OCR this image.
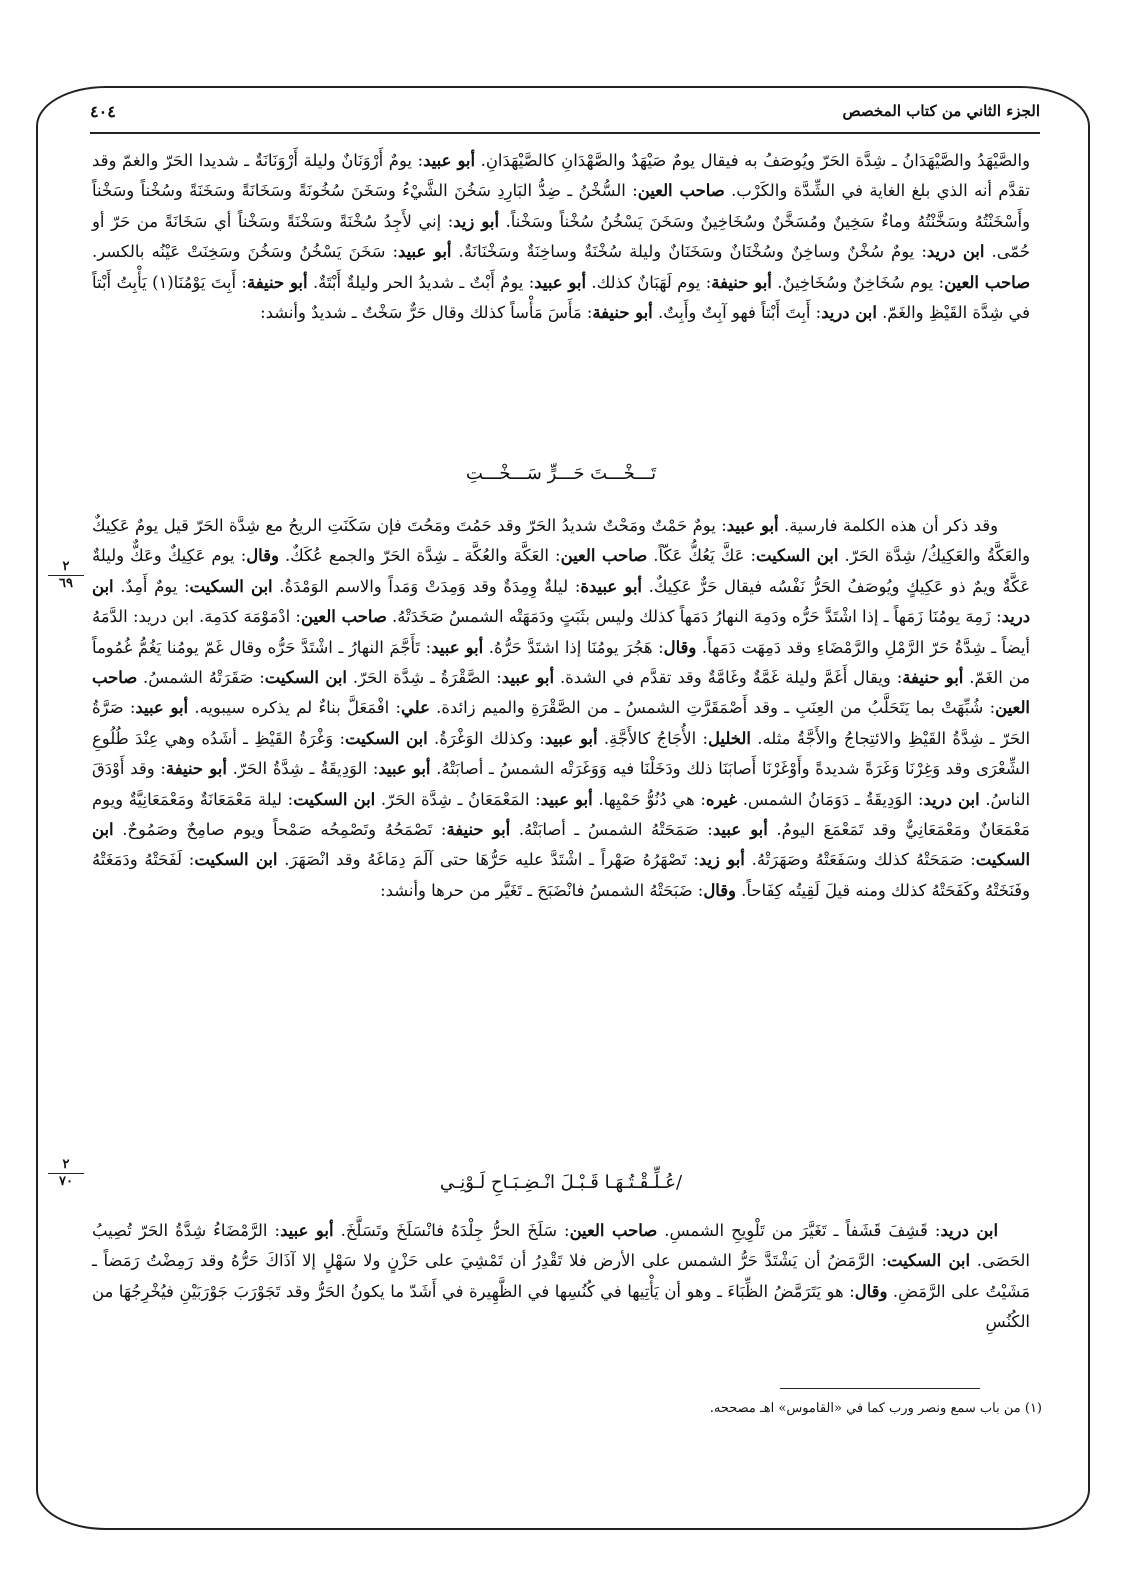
الجزء الثاني من كتاب المخصص
٤٠٤

والصَّيْهَدُ والصَّيْهَدَانُ ـ شِدَّة الحَرّ ويُوصَفُ به فيقال يومٌ صَيْهَدٌ والصَّهْدَانِ كالصَّيْهَدَانِ. أبو عبيد: يومٌ أَرْوَنَانٌ وليلة أَرْوَنَانَةٌ ـ شديدا الحَرّ والغمّ وقد تقدَّم أنه الذي بلغ الغاية في الشِّدَّة والكَرْب. صاحب العين: السُّخْنُ ـ ضِدُّ البَارِدِ سَخُنَ الشَّيْءُ وسَخَنَ سُخُونَةً وسَخَانَةً وسَخَنَةً وسُخْناً وسَخْناً وأَسْخَنْتُهُ وسَخَّنْتُهُ وماءٌ سَخِينٌ ومُسَخَّنٌ وسُخَاخِينٌ وسَخَنَ يَسْخُنُ سُخْناً وسَخْناً. أبو زيد: إني لأَجِدُ سُخْنَةً وسَخْنَةً وسَخْناً أي سَخَانَةً من حَرّ أو حُمّى. ابن دريد: يومٌ سُخْنٌ وساخِنٌ وسُخْنَانٌ وسَخَنَانٌ وليلة سُخْنَةٌ وساخِنَةٌ وسَخْنَانَةٌ. أبو عبيد: سَخَنَ يَسْخُنُ وسَخُنَ وسَخِنَتْ عَيْنُه بالكسر. صاحب العين: يوم سُخَاخِنٌ وسُخَاخِينٌ. أبو حنيفة: يوم لَهَبَانٌ كذلك. أبو عبيد: يومٌ أَبْتٌ ـ شديدُ الحر وليلةٌ أَبْتَةٌ. أبو حنيفة: أَبِتَ يَوْمُنَا(١) يَأْبِتُ أَبْتاً في شِدَّة القَيْظِ والغَمّ. ابن دريد: أَبِتَ أَبْتاً فهو آبِتٌ وأَبِتٌ. أبو حنيفة: مَأَسَ مَأْساً كذلك وقال حَرٌّ سَخْتٌ ـ شديدٌ وأنشد:

تَـــخْـــتَ حَـــرٍّ سَـــخْـــتِ

وقد ذكر أن هذه الكلمة فارسية. أبو عبيد: يومٌ حَمْتٌ ومَحْتٌ شديدُ الحَرّ وقد حَمُتَ ومَحُتَ فإن سَكَنَتِ الريحُ مع شِدَّة الحَرّ قيل يومٌ عَكِيكٌ والعَكَّةُ والعَكِيكُ/ شِدَّة الحَرّ. ابن السكيت: عَكَّ يَعُكُّ عَكّاً. صاحب العين: العَكَّة والعُكَّة ـ شِدَّة الحَرّ والجمع عُكَكٌ. وقال: يوم عَكِيكٌ وعَكٌّ وليلةٌ عَكَّةٌ ويمٌ ذو عَكِيكٍ ويُوصَفُ الحَرُّ نَفْسُه فيقال حَرٌّ عَكِيكٌ. أبو عبيدة: ليلةٌ وِمِدَةٌ وقد وَمِدَتْ وَمَداً والاسم الوَمْدَةُ. ابن السكيت: يومٌ أَمِدٌ. ابن دريد: زَمِهَ يومُنَا زَمَهاً ـ إذا اشْتَدَّ حَرُّه ودَمِهَ النهارُ دَمَهاً كذلك وليس بثَبَتٍ ودَمَهَتْه الشمسُ صَخَدَتْهُ. صاحب العين: ادْمَوْمَهَ كدَمِهَ. ابن دريد: الدَّمَهُ أيضاً ـ شِدَّةُ حَرّ الرَّمْلِ والرَّمْضَاءِ وقد دَمِهَت دَمَهاً. وقال: هَجُرَ يومُنَا إذا اشتَدَّ حَرُّهُ. أبو عبيد: تَأَجَّمَ النهارُ ـ اشْتَدَّ حَرُّه وقال غَمّ يومُنا يَغُمُّ غُمُوماً من الغَمّ. أبو حنيفة: ويقال أَغَمَّ وليلة غَمَّةٌ وغَامَّةٌ وقد تقدَّم في الشدة. أبو عبيد: الصَّقْرَةُ ـ شِدَّة الحَرّ. ابن السكيت: صَقَرَتْهُ الشمسُ. صاحب العين: شُبِّهَتْ بما يَتَحَلَّبُ من العِنَبِ ـ وقد أَصْمَقَرَّتِ الشمسُ ـ من الصَّقْرَةِ والميم زائدة. علي: افْمَعَلَّ بناءٌ لم يذكره سيبويه. أبو عبيد: صَرَّةُ الحَرّ ـ شِدَّةُ القَيْظِ والائتِجاجُ والأَجَّةُ مثله. الخليل: الأُجَاجُ كالأَجَّةِ. أبو عبيد: وكذلك الوَغْرَةُ. ابن السكيت: وَغْرَةُ القَيْظِ ـ أشَدُه وهي عِنْدَ طُلُوعِ الشِّعْرَى وقد وَغِرْنَا وَغَرَةً شديدةً وأَوْغَرْنَا أَصابَنَا ذلك ودَخَلْنَا فيه وَوَغَرَتْه الشمسُ ـ أصابَتْهُ. أبو عبيد: الوَدِيقَةُ ـ شِدَّةُ الحَرّ. أبو حنيفة: وقد أَوْدَقَ الناسُ. ابن دريد: الوَدِيقَةُ ـ دَوَمَانُ الشمس. غيره: هي دُنُوُّ حَمْيِها. أبو عبيد: المَعْمَعَانُ ـ شِدَّة الحَرّ. ابن السكيت: ليلة مَعْمَعَانَةٌ ومَعْمَعَانِيَّةٌ ويوم مَعْمَعَانٌ ومَعْمَعَانِيٌّ وقد تَمَعْمَعَ اليومُ. أبو عبيد: صَمَحَتْهُ الشمسُ ـ أصابَتْهُ. أبو حنيفة: تَصْمَحُهُ وتَصْمِحُه صَمْحاً ويوم صامِحٌ وصَمُوحٌ. ابن السكيت: صَمَحَتْهُ كذلك وسَفَعَتْهُ وصَهَرَتْهُ. أبو زيد: تَصْهَرُهُ صَهْراً ـ اشْتَدَّ عليه حَرُّهَا حتى آلَمَ دِمَاغَهُ وقد انْصَهَرَ. ابن السكيت: لَفَحَتْهُ ودَمَغَتْهُ وفَنَخَتْهُ وكَفَحَتْهُ كذلك ومنه قيلَ لَقِيتُه كِفَاحاً. وقال: ضَبَحَتْهُ الشمسُ فانْضَبَحَ ـ تَغَيَّر من حرها وأنشد:

/عُـلِّـقْـتُـهَـا قَـبْـلَ انْـضِـبَـاحِ لَـوْنِـي

ابن دريد: قَشِفَ قَشَفاً ـ تَغَيَّرَ من تَلْوِيحِ الشمسِ. صاحب العين: سَلَخَ الحرُّ جِلْدَهُ فانْسَلَخَ وتَسَلَّخَ. أبو عبيد: الرَّمْضَاءُ شِدَّةُ الحَرّ تُصِيبُ الحَصَى. ابن السكيت: الرَّمَضُ أن يَشْتَدَّ حَرُّ الشمس على الأرض فلا تَقْدِرُ أن تَمْشِيَ على حَزْنٍ ولا سَهْلٍ إلا آذَاكَ حَرُّهُ وقد رَمِضْتُ رَمَضاً ـ مَشَيْتُ على الرَّمَضِ. وقال: هو يَتَرَمَّضُ الظِّبَاءَ ـ وهو أن يَأْتِيها في كُنُسِها في الظَّهِيرة في أَشَدّ ما يكونُ الحَرُّ وقد تَجَوْرَبَ جَوْرَبَيْنِ فيُخْرِجُهَا من الكُنُسِ

٢
٦٩
٢
٧٠
(١) من باب سمع ونصر ورب كما في «القاموس» اهـ مصححه.
